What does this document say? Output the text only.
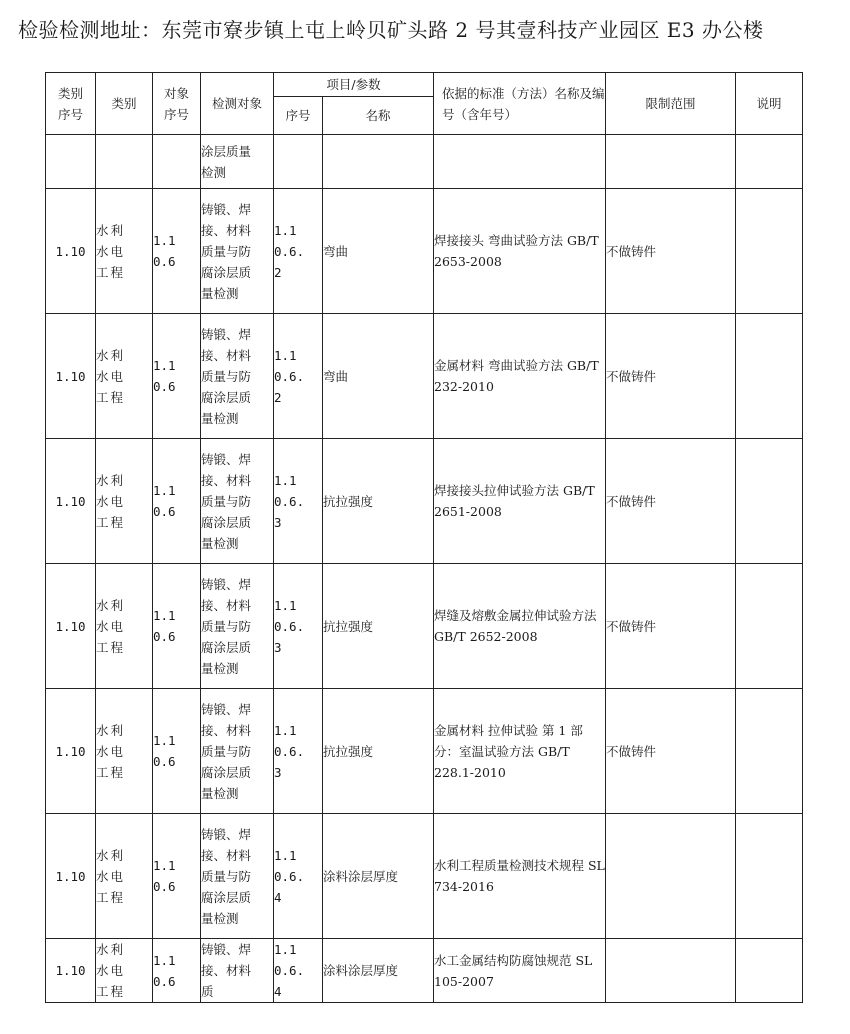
检验检测地址：东莞市寮步镇上屯上岭贝矿头路 2 号其壹科技产业园区 E3 办公楼
类别序号	类别	对象序号	检测对象	项目/参数		依据的标准（方法）名称及编号（含年号）	限制范围	说明
				序号	名称			

			涂层质量检测					

1.10	水利水电工程	1.10.6	铸锻、焊接、材料质量与防腐涂层质量检测	1.10.6.2	弯曲	焊接接头 弯曲试验方法 GB/T 2653-2008	不做铸件	
1.10	水利水电工程	1.10.6	铸锻、焊接、材料质量与防腐涂层质量检测	1.10.6.2	弯曲	金属材料 弯曲试验方法 GB/T 232-2010	不做铸件	
1.10	水利水电工程	1.10.6	铸锻、焊接、材料质量与防腐涂层质量检测	1.10.6.3	抗拉强度	焊接接头拉伸试验方法 GB/T 2651-2008	不做铸件	
1.10	水利水电工程	1.10.6	铸锻、焊接、材料质量与防腐涂层质量检测	1.10.6.3	抗拉强度	焊缝及熔敷金属拉伸试验方法 GB/T 2652-2008	不做铸件	
1.10	水利水电工程	1.10.6	铸锻、焊接、材料质量与防腐涂层质量检测	1.10.6.3	抗拉强度	金属材料 拉伸试验 第 1 部分：室温试验方法 GB/T 228.1-2010	不做铸件	
1.10	水利水电工程	1.10.6	铸锻、焊接、材料质量与防腐涂层质量检测	1.10.6.4	涂料涂层厚度	水利工程质量检测技术规程 SL 734-2016		
1.10	水利水电工程	1.10.6	铸锻、焊接、材料质	1.10.6.4	涂料涂层厚度	水工金属结构防腐蚀规范 SL 105-2007		
